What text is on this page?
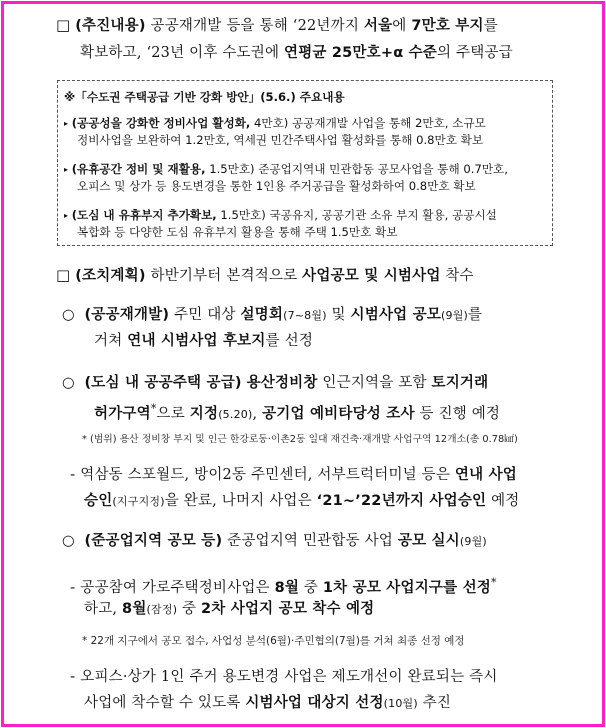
□ (추진내용) 공공재개발 등을 통해 ‘22년까지 서울에 7만호 부지를
확보하고, ‘23년 이후 수도권에 연평균 25만호+α 수준의 주택공급
※「수도권 주택공급 기반 강화 방안」(5.6.) 주요내용
▸ (공공성을 강화한 정비사업 활성화, 4만호) 공공재개발 사업을 통해 2만호, 소규모
정비사업을 보완하여 1.2만호, 역세권 민간주택사업 활성화를 통해 0.8만호 확보
▸ (유휴공간 정비 및 재활용, 1.5만호) 준공업지역내 민관합동 공모사업을 통해 0.7만호,
오피스 및 상가 등 용도변경을 통한 1인용 주거공급을 활성화하여 0.8만호 확보
▸ (도심 내 유휴부지 추가확보, 1.5만호) 국공유지, 공공기관 소유 부지 활용, 공공시설
복합화 등 다양한 도심 유휴부지 활용을 통해 주택 1.5만호 확보
□ (조치계획) 하반기부터 본격적으로 사업공모 및 시범사업 착수
○ (공공재개발) 주민 대상 설명회(7~8월) 및 시범사업 공모(9월)를
거쳐 연내 시범사업 후보지를 선정
○ (도심 내 공공주택 공급) 용산정비창 인근지역을 포함 토지거래
허가구역*으로 지정(5.20), 공기업 예비타당성 조사 등 진행 예정
* (범위) 용산 정비창 부지 및 인근 한강로동·이촌2동 일대 재건축·재개발 사업구역 12개소(총 0.78㎢)
- 역삼동 스포월드, 방이2동 주민센터, 서부트럭터미널 등은 연내 사업
승인(지구지정)을 완료, 나머지 사업은 ‘21~’22년까지 사업승인 예정
○ (준공업지역 공모 등) 준공업지역 민관합동 사업 공모 실시(9월)
- 공공참여 가로주택정비사업은 8월 중 1차 공모 사업지구를 선정*
하고, 8월(잠정) 중 2차 사업지 공모 착수 예정
* 22개 지구에서 공모 접수, 사업성 분석(6월)·주민협의(7월)를 거쳐 최종 선정 예정
- 오피스·상가 1인 주거 용도변경 사업은 제도개선이 완료되는 즉시
사업에 착수할 수 있도록 시범사업 대상지 선정(10월) 추진
